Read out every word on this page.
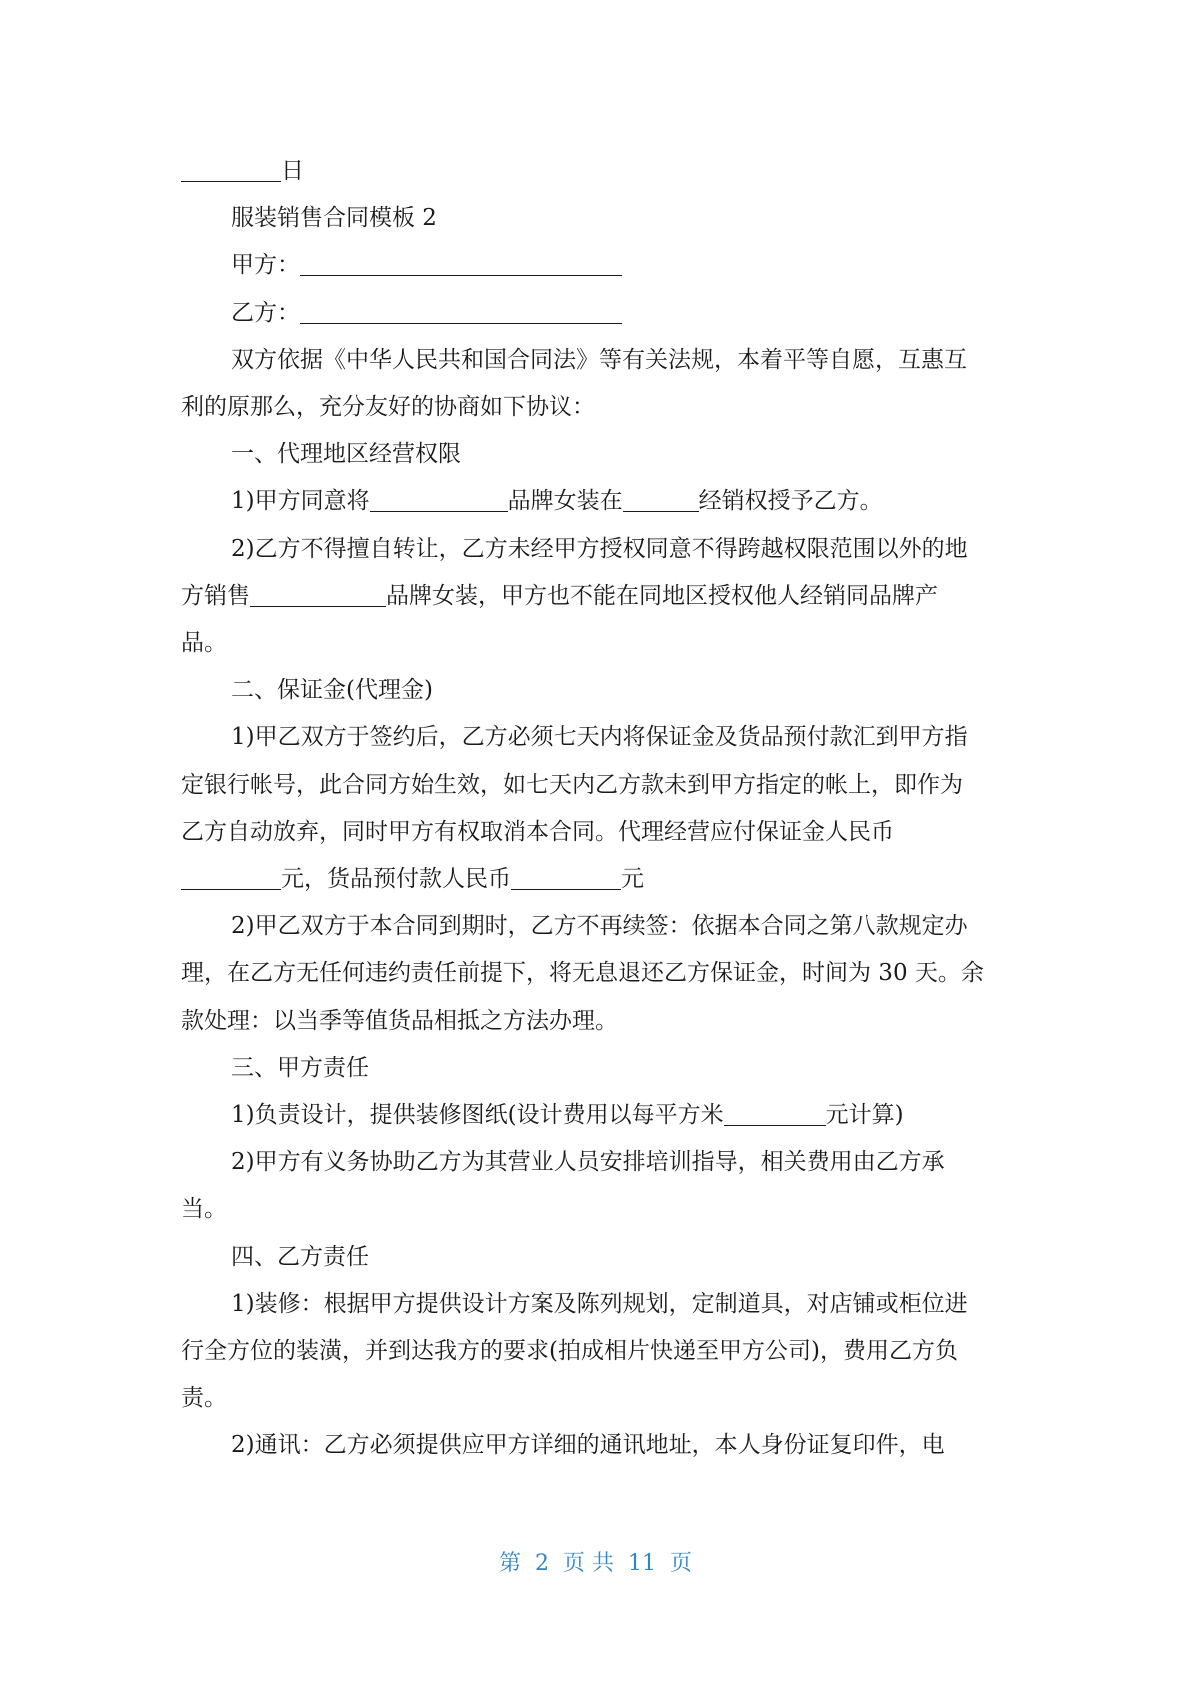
日

服装销售合同模板 2

甲方：

乙方：

双方依据《中华人民共和国合同法》等有关法规，本着平等自愿，互惠互

利的原那么，充分友好的协商如下协议：

一、代理地区经营权限

1)甲方同意将	品牌女装在	经销权授予乙方。

2)乙方不得擅自转让，乙方未经甲方授权同意不得跨越权限范围以外的地

方销售	品牌女装，甲方也不能在同地区授权他人经销同品牌产

品。

二、保证金(代理金)

1)甲乙双方于签约后，乙方必须七天内将保证金及货品预付款汇到甲方指

定银行帐号，此合同方始生效，如七天内乙方款未到甲方指定的帐上，即作为

乙方自动放弃，同时甲方有权取消本合同。代理经营应付保证金人民币

元，货品预付款人民币	元

2)甲乙双方于本合同到期时，乙方不再续签：依据本合同之第八款规定办

理，在乙方无任何违约责任前提下，将无息退还乙方保证金，时间为 30 天。余

款处理：以当季等值货品相抵之方法办理。

三、甲方责任

1)负责设计，提供装修图纸(设计费用以每平方米	元计算)

2)甲方有义务协助乙方为其营业人员安排培训指导，相关费用由乙方承

当。

四、乙方责任

1)装修：根据甲方提供设计方案及陈列规划，定制道具，对店铺或柜位进

行全方位的装潢，并到达我方的要求(拍成相片快递至甲方公司)，费用乙方负

责。

2)通讯：乙方必须提供应甲方详细的通讯地址，本人身份证复印件，电

第  2  页 共  11  页
